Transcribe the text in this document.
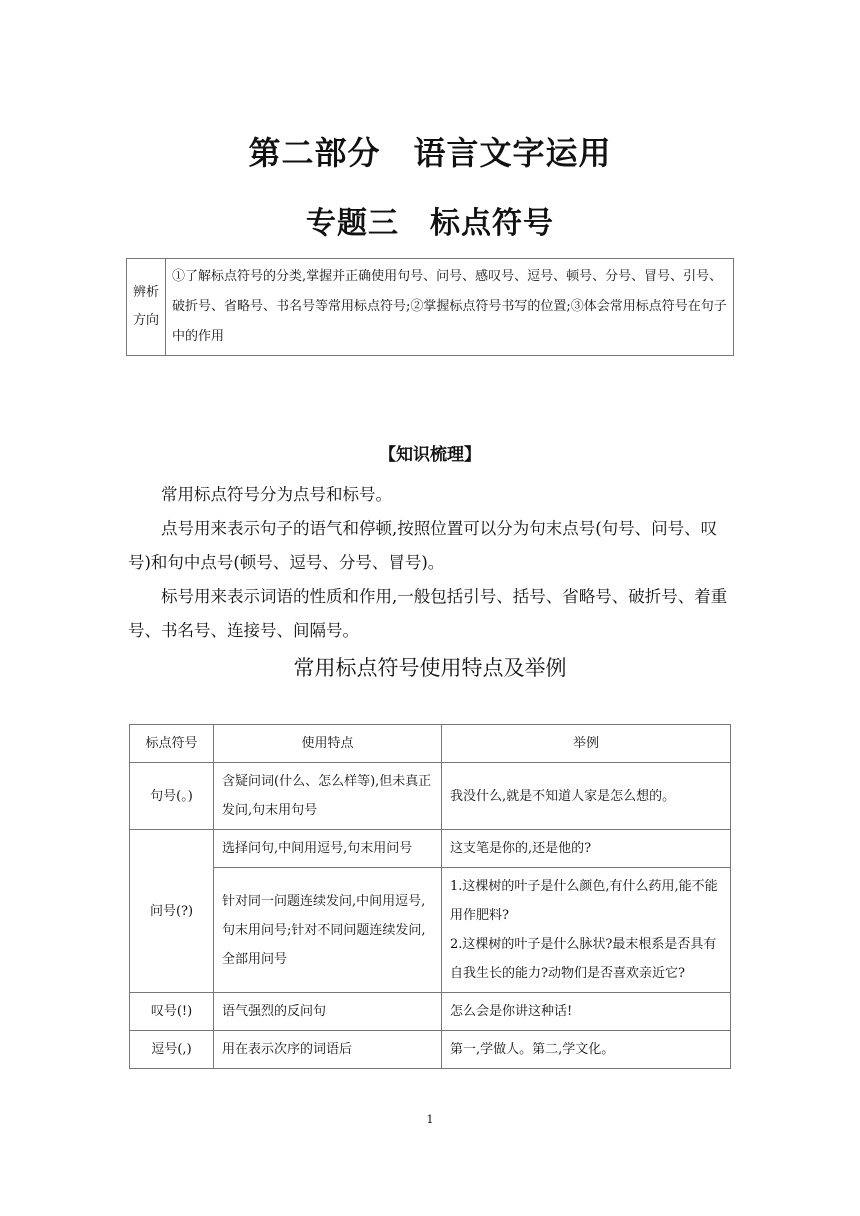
第二部分　语言文字运用
专题三　标点符号
辨析
方向
	①了解标点符号的分类,掌握并正确使用句号、问号、感叹号、逗号、顿号、分号、冒号、引号、破折号、省略号、书名号等常用标点符号;②掌握标点符号书写的位置;③体会常用标点符号在句子中的作用
【知识梳理】

常用标点符号分为点号和标号。

点号用来表示句子的语气和停顿,按照位置可以分为句末点号(句号、问号、叹号)和句中点号(顿号、逗号、分号、冒号)。

标号用来表示词语的性质和作用,一般包括引号、括号、省略号、破折号、着重号、书名号、连接号、间隔号。

常用标点符号使用特点及举例
标点符号	使用特点	举例
句号(。)	含疑问词(什么、怎么样等),但未真正发问,句末用句号	我没什么,就是不知道人家是怎么想的。
问号(?)	选择问句,中间用逗号,句末用问号	这支笔是你的,还是他的?
	针对同一问题连续发问,中间用逗号,句末用问号;针对不同问题连续发问,全部用问号	1.这棵树的叶子是什么颜色,有什么药用,能不能用作肥料?
2.这棵树的叶子是什么脉状?最末根系是否具有自我生长的能力?动物们是否喜欢亲近它?

叹号(!)	语气强烈的反问句	怎么会是你讲这种话!
逗号(,)	用在表示次序的词语后	第一,学做人。第二,学文化。
1
